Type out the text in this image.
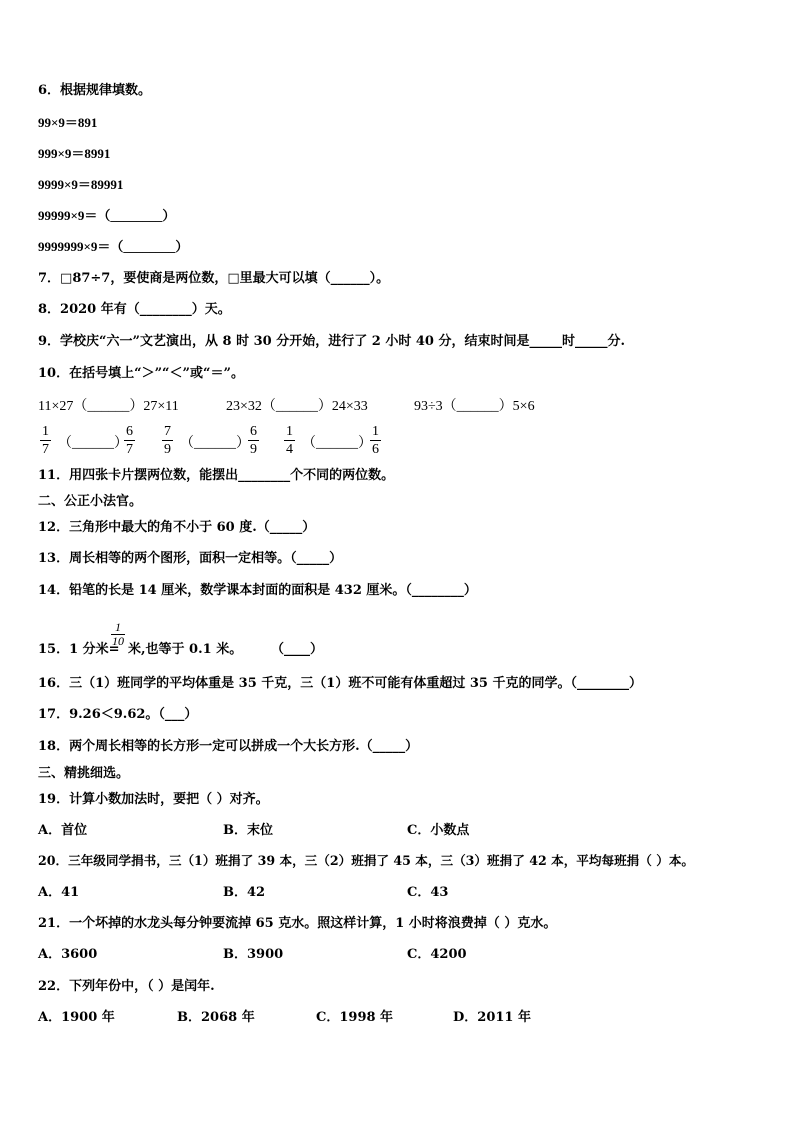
6．根据规律填数。
99×9＝891
999×9＝8991
9999×9＝89991
99999×9＝（________）
9999999×9＝（________）
7．□87÷7，要使商是两位数，□里最大可以填（______）。
8．2020 年有（________）天。
9．学校庆“六一”文艺演出，从 8 时 30 分开始，进行了 2 小时 40 分，结束时间是_____时_____分.
10．在括号填上“＞”“＜”或“＝”。
11×27（______）27×11	23×32（______）24×33	93÷3（______）5×6
1
7 （______）
6
7
7
9 （______）
6
9
1
4 （______）
1
6
11．用四张卡片摆两位数，能摆出________个不同的两位数。
二、公正小法官。
12．三角形中最大的角不小于 60 度.（_____）
13．周长相等的两个图形，面积一定相等。（_____）
14．铅笔的长是 14 厘米，数学课本封面的面积是 432 厘米。（________）
15．1 分米=
1
10
米,也等于 0.1 米。 （____）
16．三（1）班同学的平均体重是 35 千克，三（1）班不可能有体重超过 35 千克的同学。（________）
17．9.26＜9.62。（___）
18．两个周长相等的长方形一定可以拼成一个大长方形.（_____）
三、精挑细选。
19．计算小数加法时，要把（ ）对齐。
A．首位	B．末位	C．小数点
20．三年级同学捐书，三（1）班捐了 39 本，三（2）班捐了 45 本，三（3）班捐了 42 本，平均每班捐（ ）本。
A．41	B．42	C．43
21．一个坏掉的水龙头每分钟要流掉 65 克水。照这样计算，1 小时将浪费掉（ ）克水。
A．3600	B．3900	C．4200
22．下列年份中，（ ）是闰年.
A．1900 年	B．2068 年	C．1998 年	D．2011 年
